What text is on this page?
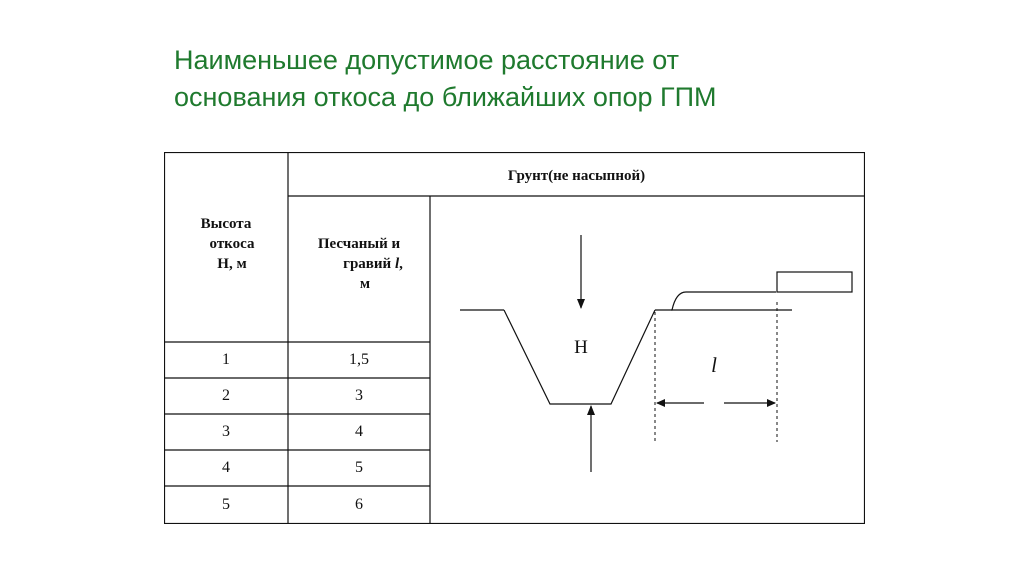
Наименьшее допустимое расстояние от
основания откоса до ближайших опор ГПМ
Грунт(не насыпной)
Высота
откоса
Н, м
Песчаный и
гравий l,
м
1	1,5
2	3
3	4
4	5
5	6
Н
l
